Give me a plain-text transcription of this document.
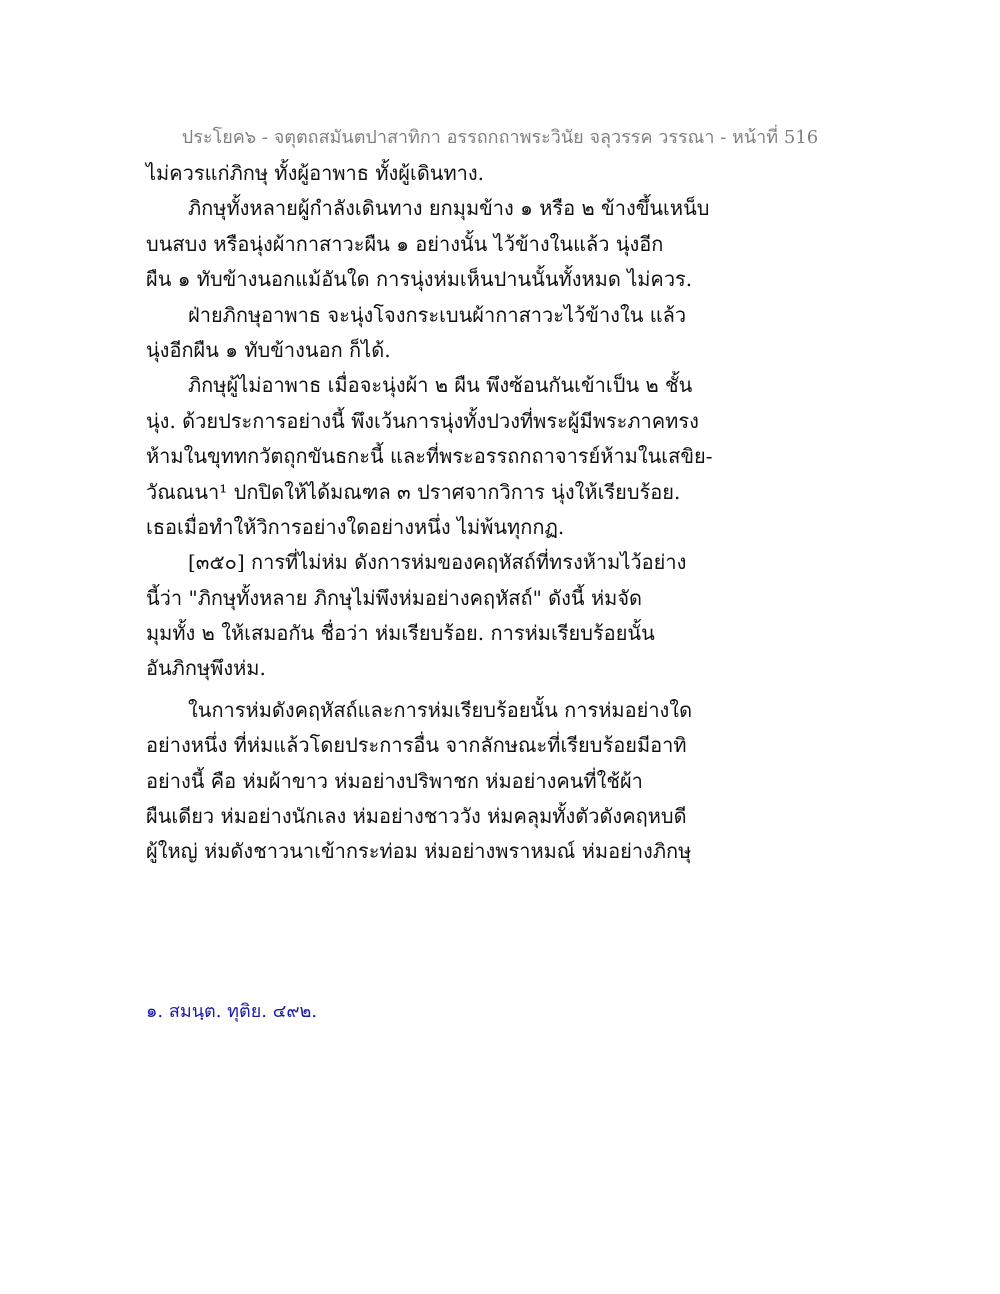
ประโยค๖ - จตุตถสมันตปาสาทิกา อรรถกถาพระวินัย จลุวรรค วรรณา - หน้าที่ 516
ไม่ควรแก่ภิกษุ ทั้งผู้อาพาธ ทั้งผู้เดินทาง.
ภิกษุทั้งหลายผู้กำลังเดินทาง ยกมุมข้าง ๑ หรือ ๒ ข้างขึ้นเหน็บ
บนสบง หรือนุ่งผ้ากาสาวะผืน ๑ อย่างนั้น ไว้ข้างในแล้ว นุ่งอีก
ผืน ๑ ทับข้างนอกแม้อันใด การนุ่งห่มเห็นปานนั้นทั้งหมด ไม่ควร.
ฝ่ายภิกษุอาพาธ จะนุ่งโจงกระเบนผ้ากาสาวะไว้ข้างใน แล้ว
นุ่งอีกผืน ๑ ทับข้างนอก ก็ได้.
ภิกษุผู้ไม่อาพาธ เมื่อจะนุ่งผ้า ๒ ผืน พึงซ้อนกันเข้าเป็น ๒ ชั้น
นุ่ง. ด้วยประการอย่างนี้ พึงเว้นการนุ่งทั้งปวงที่พระผู้มีพระภาคทรง
ห้ามในขุททกวัตถุกขันธกะนี้ และที่พระอรรถกถาจารย์ห้ามในเสขิย-
วัณณนา¹ ปกปิดให้ได้มณฑล ๓ ปราศจากวิการ นุ่งให้เรียบร้อย.
เธอเมื่อทำให้วิการอย่างใดอย่างหนึ่ง ไม่พ้นทุกกฏ.
[๓๕๐] การที่ไม่ห่ม ดังการห่มของคฤหัสถ์ที่ทรงห้ามไว้อย่าง
นี้ว่า "ภิกษุทั้งหลาย ภิกษุไม่พึงห่มอย่างคฤหัสถ์" ดังนี้ ห่มจัด
มุมทั้ง ๒ ให้เสมอกัน ชื่อว่า ห่มเรียบร้อย. การห่มเรียบร้อยนั้น
อันภิกษุพึงห่ม.
ในการห่มดังคฤหัสถ์และการห่มเรียบร้อยนั้น การห่มอย่างใด
อย่างหนึ่ง ที่ห่มแล้วโดยประการอื่น จากลักษณะที่เรียบร้อยมีอาทิ
อย่างนี้ คือ ห่มผ้าขาว ห่มอย่างปริพาชก ห่มอย่างคนที่ใช้ผ้า
ผืนเดียว ห่มอย่างนักเลง ห่มอย่างชาววัง ห่มคลุมทั้งตัวดังคฤหบดี
ผู้ใหญ่ ห่มดังชาวนาเข้ากระท่อม ห่มอย่างพราหมณ์ ห่มอย่างภิกษุ
๑. สมนฺต. ทุติย. ๔๙๒.
